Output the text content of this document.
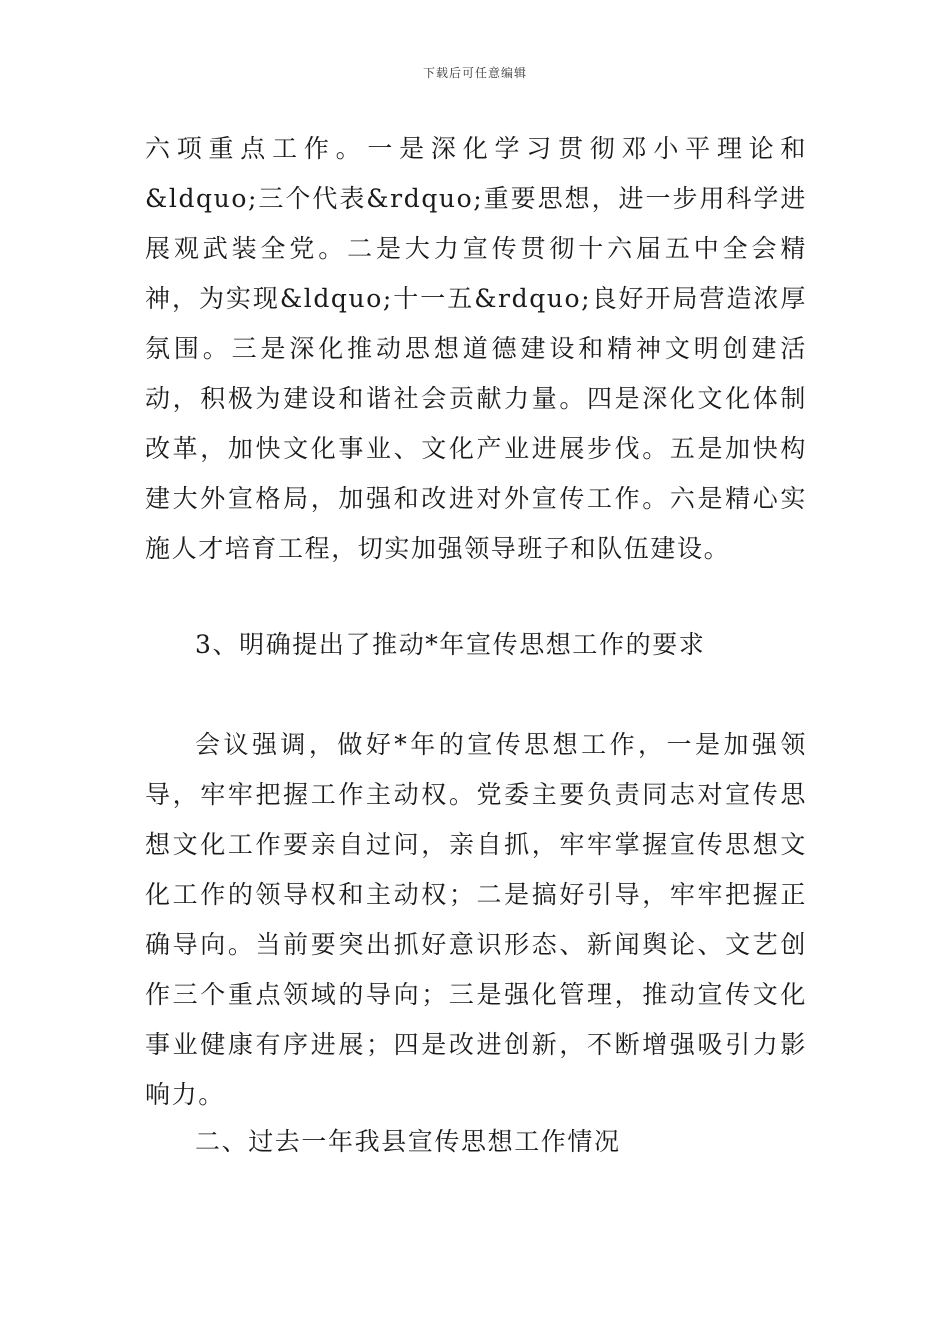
下载后可任意编辑

六项重点工作。一是深化学习贯彻邓小平理论和&ldquo;三个代表&rdquo;重要思想，进一步用科学进展观武装全党。二是大力宣传贯彻十六届五中全会精神，为实现&ldquo;十一五&rdquo;良好开局营造浓厚氛围。三是深化推动思想道德建设和精神文明创建活动，积极为建设和谐社会贡献力量。四是深化文化体制改革，加快文化事业、文化产业进展步伐。五是加快构建大外宣格局，加强和改进对外宣传工作。六是精心实施人才培育工程，切实加强领导班子和队伍建设。

3、明确提出了推动*年宣传思想工作的要求

会议强调，做好*年的宣传思想工作，一是加强领导，牢牢把握工作主动权。党委主要负责同志对宣传思想文化工作要亲自过问，亲自抓，牢牢掌握宣传思想文化工作的领导权和主动权；二是搞好引导，牢牢把握正确导向。当前要突出抓好意识形态、新闻舆论、文艺创作三个重点领域的导向；三是强化管理，推动宣传文化事业健康有序进展；四是改进创新，不断增强吸引力影响力。

二、过去一年我县宣传思想工作情况
